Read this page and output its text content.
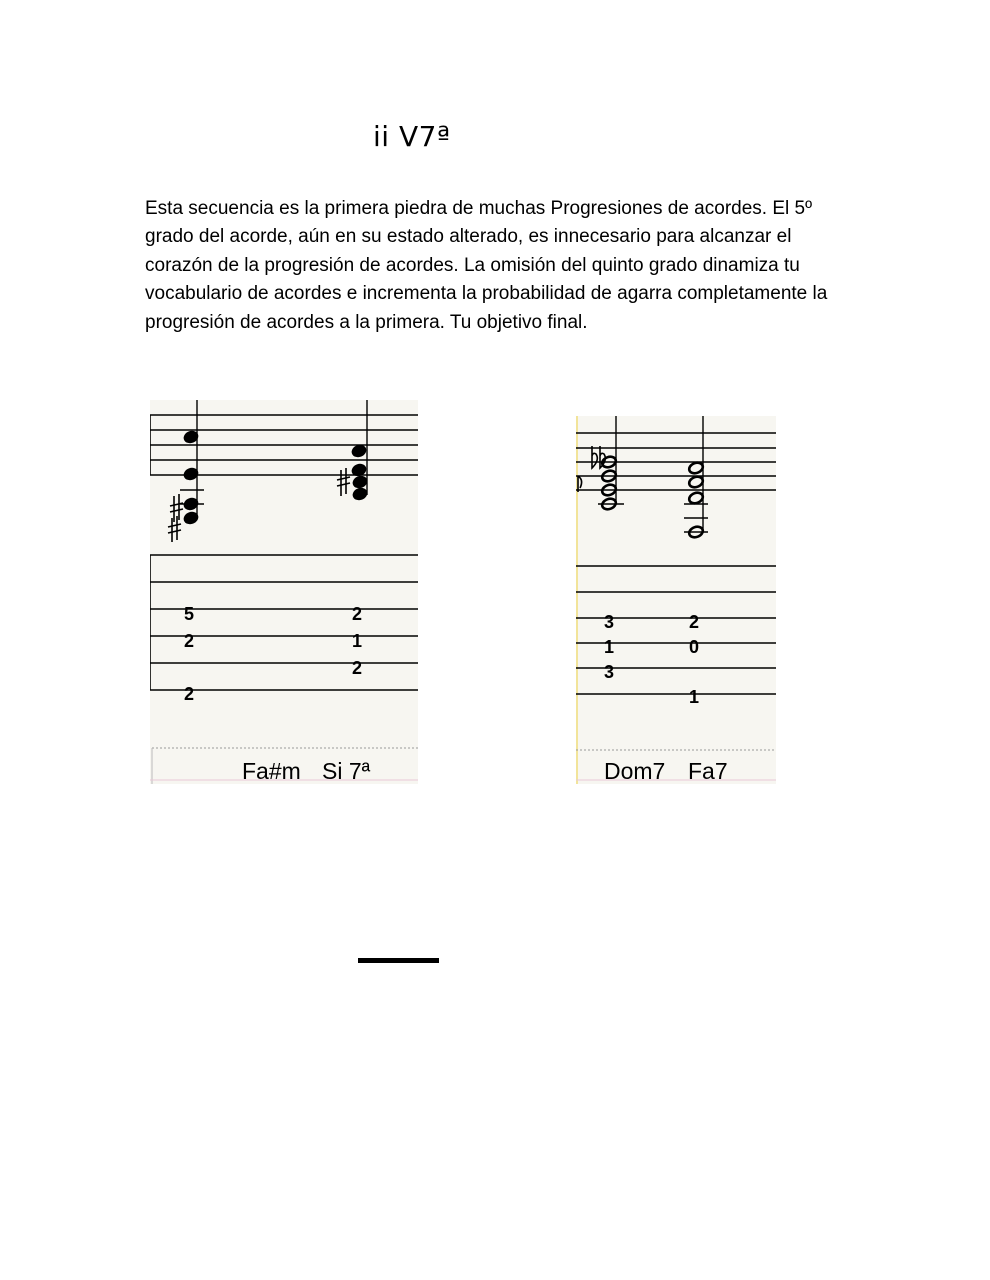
ii V7ª
Esta secuencia es la primera piedra de muchas Progresiones de acordes. El 5º grado del acorde, aún en su estado alterado, es innecesario para alcanzar el corazón de la progresión de acordes. La omisión del quinto grado dinamiza tu vocabulario de acordes e incrementa la probabilidad de agarra completamente la progresión de acordes a la primera. Tu objetivo final.
5
2
2
2
1
2
Fa#m Si 7ª
3
1
3
2
0
1
Dom7 Fa7
